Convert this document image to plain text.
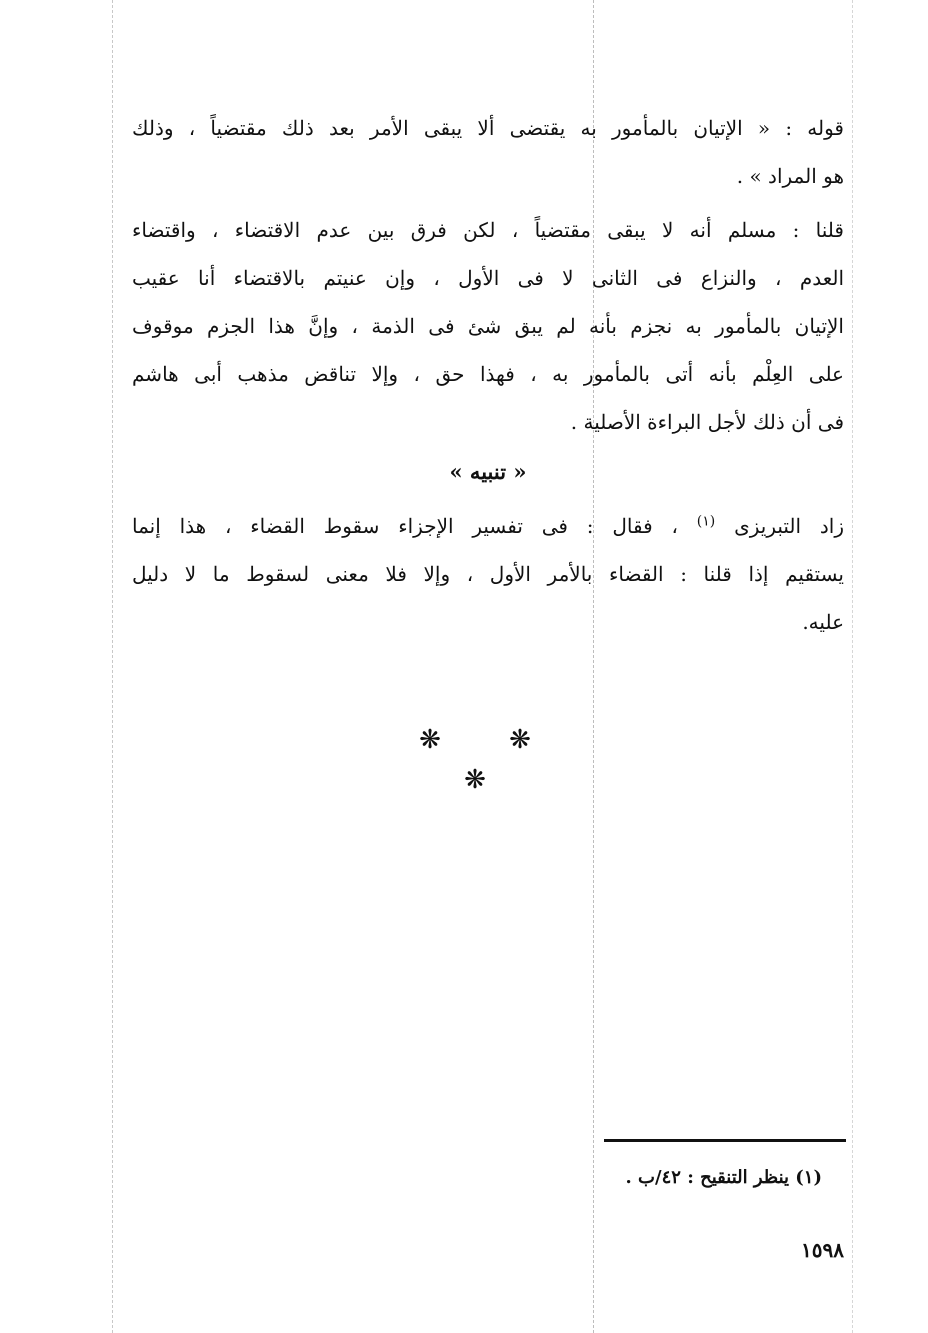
قوله : « الإتيان بالمأمور به يقتضى ألا يبقى الأمر بعد ذلك مقتضياً ، وذلك
هو المراد » .
قلنا : مسلم أنه لا يبقى مقتضياً ، لكن فرق بين عدم الاقتضاء ، واقتضاء
العدم ، والنزاع فى الثانى لا فى الأول ، وإن عنيتم بالاقتضاء أنا عقيب
الإتيان بالمأمور به نجزم بأنه لم يبق شئ فى الذمة ، وإنَّ هذا الجزم موقوف
على العِلْم بأنه أتى بالمأمور به ، فهذا حق ، وإلا تناقض مذهب أبى هاشم
فى أن ذلك لأجل البراءة الأصلية .
« تنبيه »
زاد التبريزى $^{(١)}$ ، فقال : فى تفسير الإجزاء سقوط القضاء ، هذا إنما
يستقيم إذا قلنا : القضاء بالأمر الأول ، وإلا فلا معنى لسقوط ما لا دليل
عليه.
❋ ❋ ❋
(١) ينظر التنقيح : ٤٢/ب .
١٥٩٨
